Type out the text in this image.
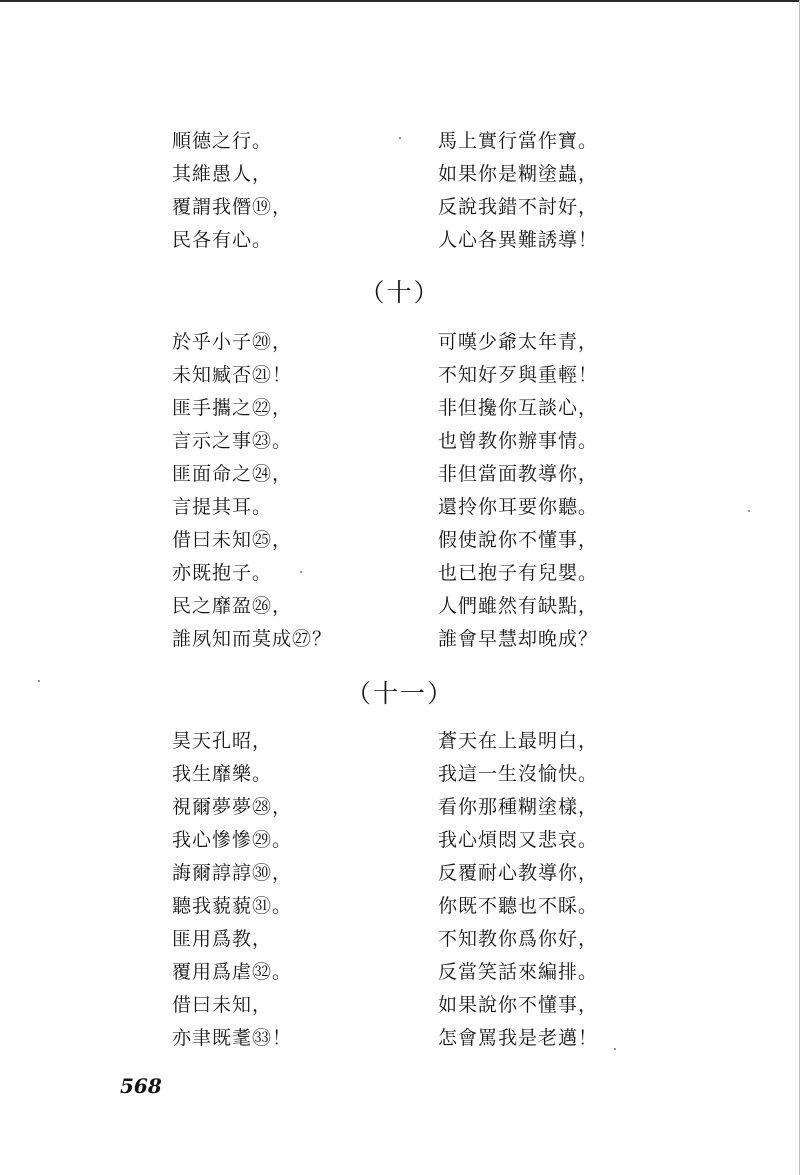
順德之行。
其維愚人，
覆謂我僭⑲，
民各有心。
馬上實行當作寶。
如果你是糊塗蟲，
反說我錯不討好，
人心各異難誘導！
（十）
於乎小子⑳，
未知臧否㉑！
匪手攜之㉒，
言示之事㉓。
匪面命之㉔，
言提其耳。
借曰未知㉕，
亦既抱子。
民之靡盈㉖，
誰夙知而莫成㉗？
可嘆少爺太年青，
不知好歹與重輕！
非但攙你互談心，
也曾教你辦事情。
非但當面教導你，
還拎你耳要你聽。
假使說你不懂事，
也已抱子有兒嬰。
人們雖然有缺點，
誰會早慧却晚成？
（十一）
昊天孔昭，
我生靡樂。
視爾夢夢㉘，
我心慘慘㉙。
誨爾諄諄㉚，
聽我藐藐㉛。
匪用爲教，
覆用爲虐㉜。
借曰未知，
亦聿既耄㉝！
蒼天在上最明白，
我這一生沒愉快。
看你那種糊塗樣，
我心煩悶又悲哀。
反覆耐心教導你，
你既不聽也不睬。
不知教你爲你好，
反當笑話來編排。
如果說你不懂事，
怎會罵我是老邁！
568
